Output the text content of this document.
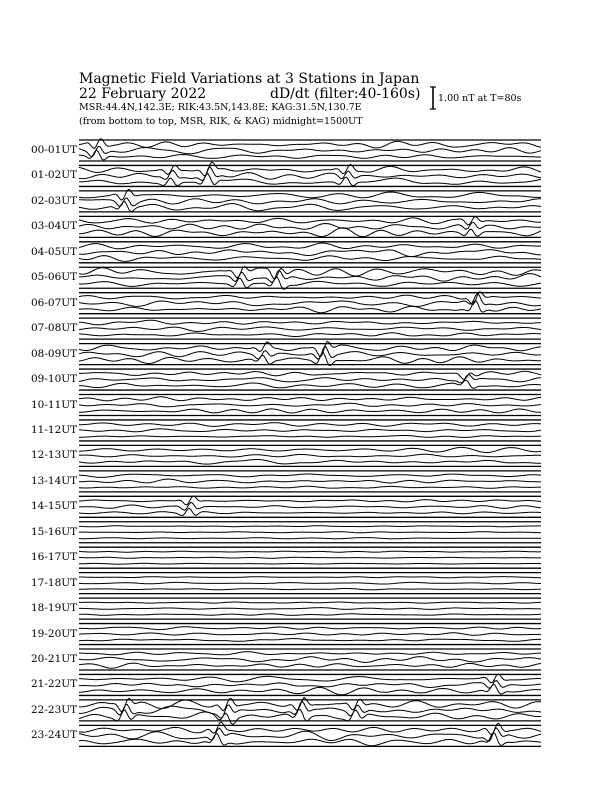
Magnetic Field Variations at 3 Stations in Japan
22 February 2022	dD/dt (filter:40-160s)
MSR:44.4N,142.3E; RIK:43.5N,143.8E; KAG:31.5N,130.7E
(from bottom to top, MSR, RIK, & KAG) midnight=1500UT
1.00 nT at T=80s
00-01UT
01-02UT
02-03UT
03-04UT
04-05UT
05-06UT
06-07UT
07-08UT
08-09UT
09-10UT
10-11UT
11-12UT
12-13UT
13-14UT
14-15UT
15-16UT
16-17UT
17-18UT
18-19UT
19-20UT
20-21UT
21-22UT
22-23UT
23-24UT
